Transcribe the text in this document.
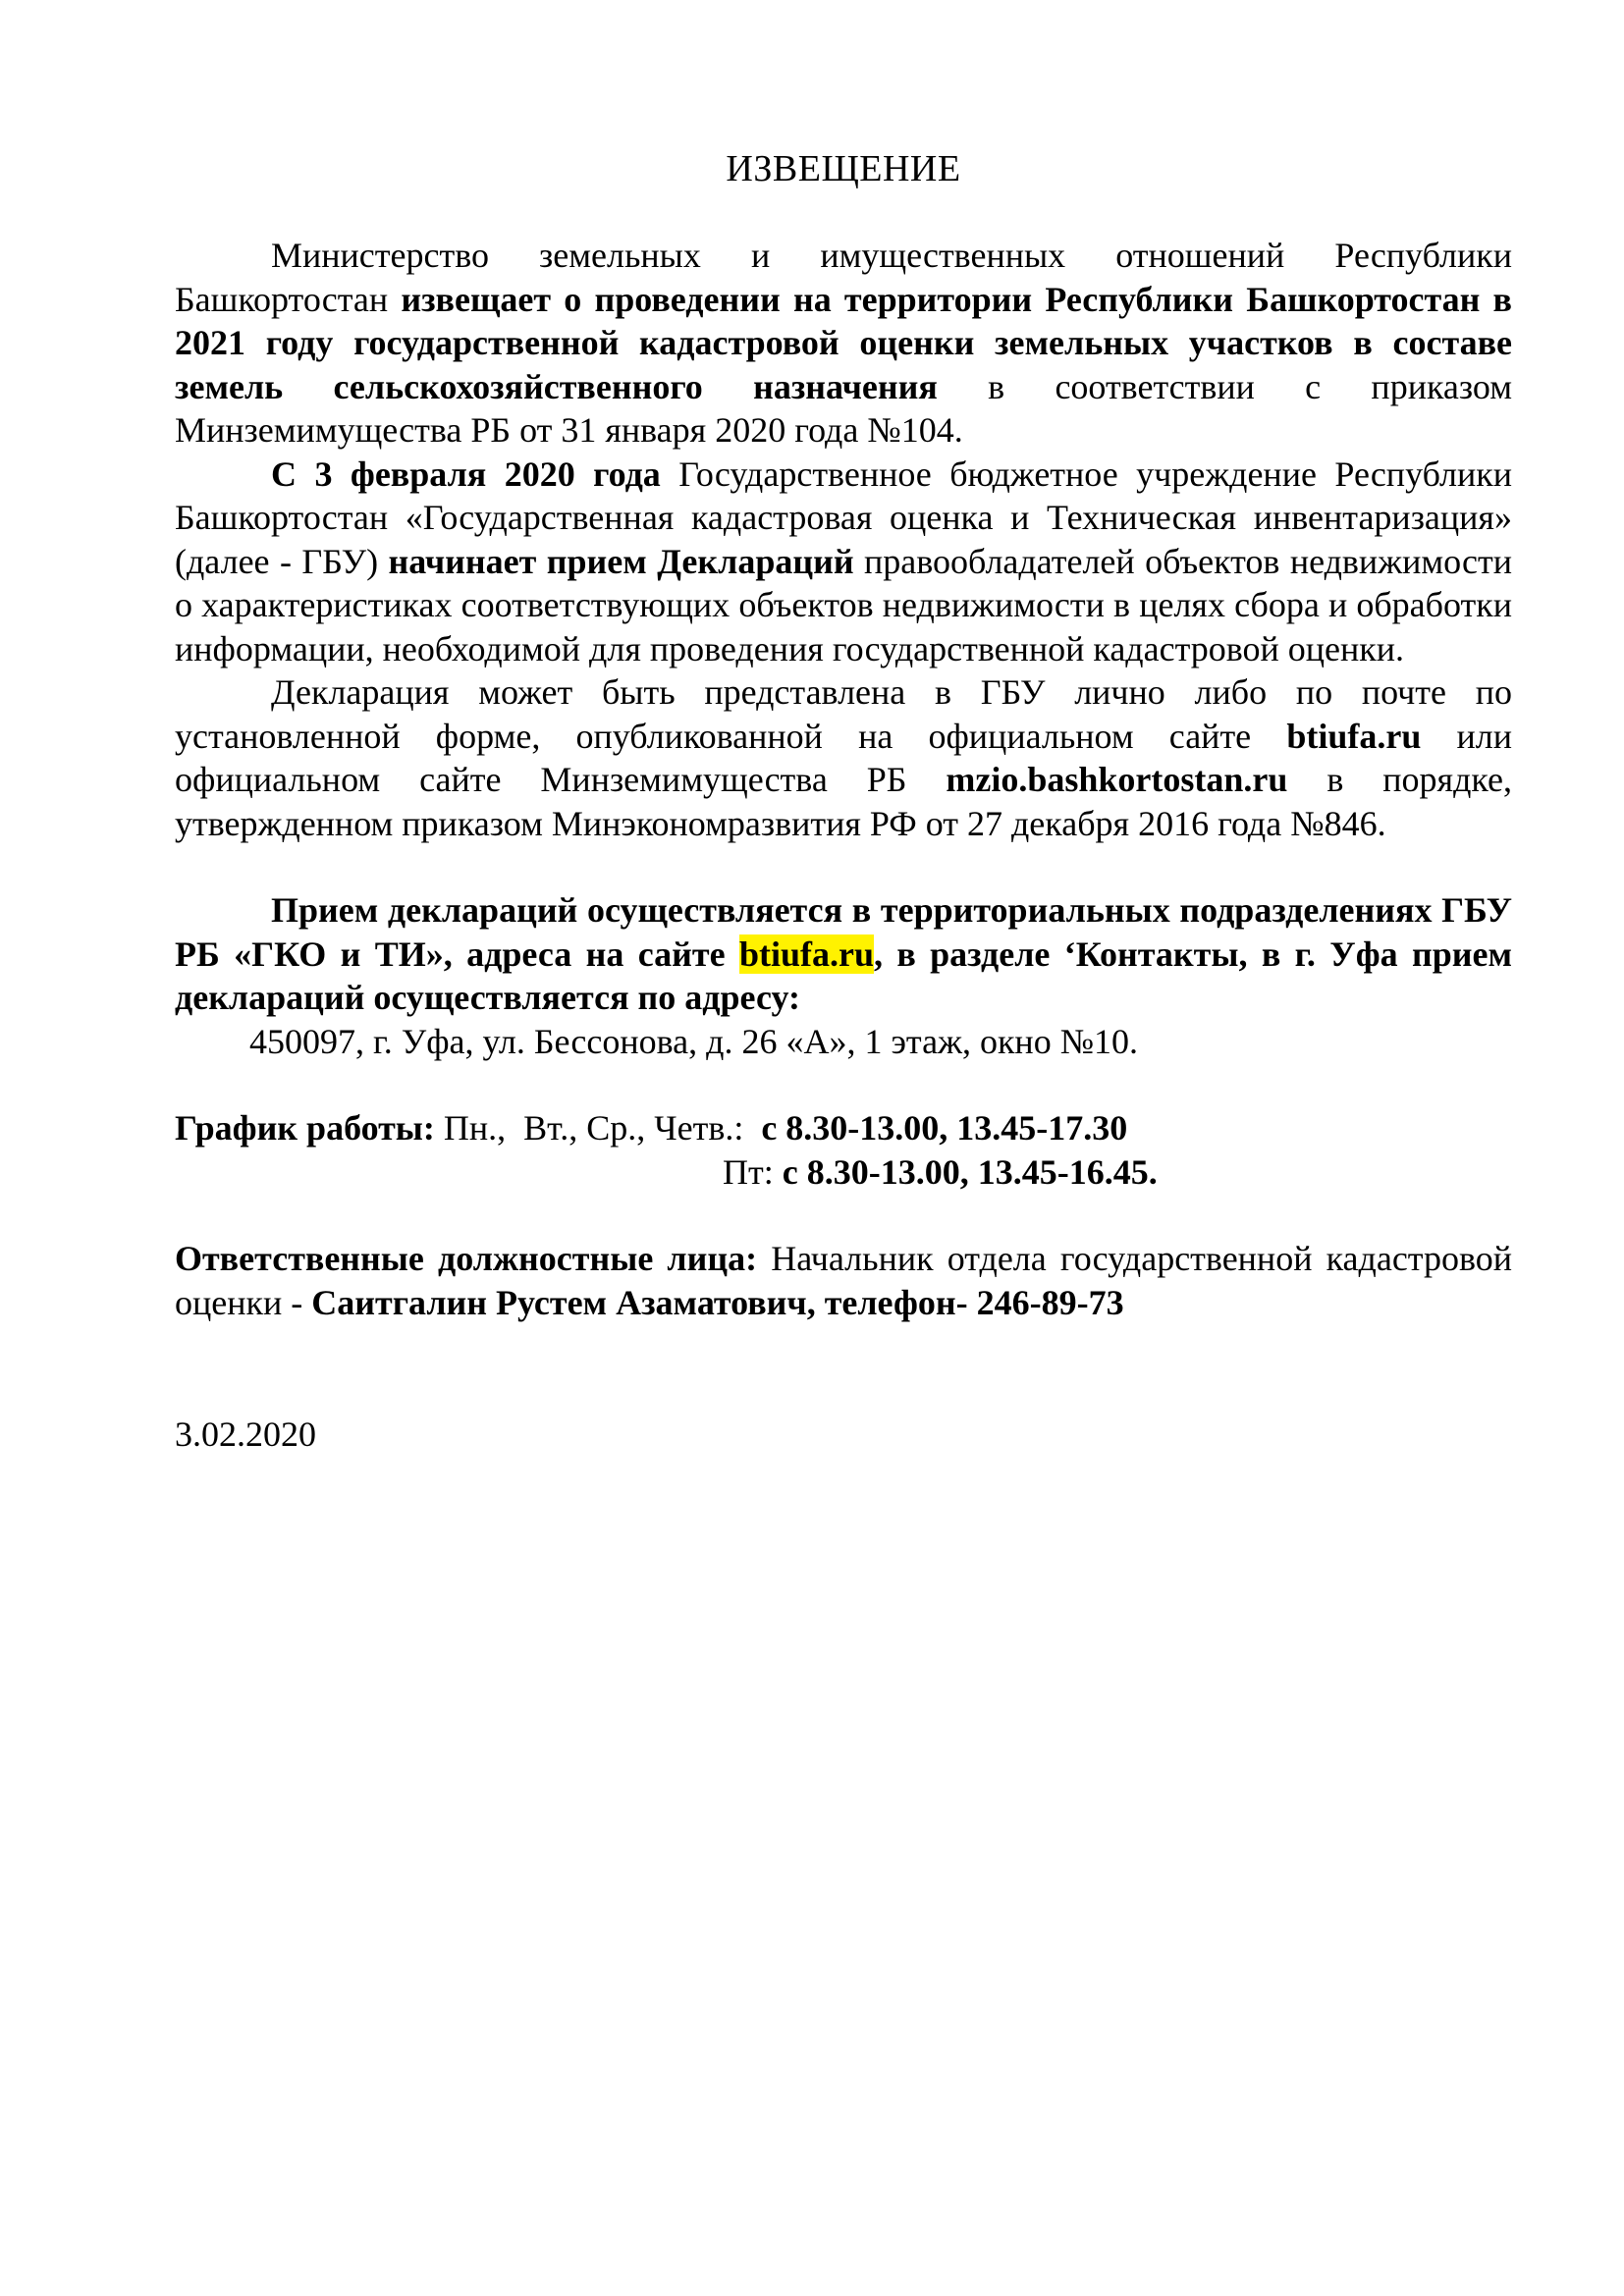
ИЗВЕЩЕНИЕ

Министерство земельных и имущественных отношений Республики Башкортостан извещает о проведении на территории Республики Башкортостан в 2021 году государственной кадастровой оценки земельных участков в составе земель сельскохозяйственного назначения в соответствии с приказом Минземимущества РБ от 31 января 2020 года №104.

С 3 февраля 2020 года Государственное бюджетное учреждение Республики Башкортостан «Государственная кадастровая оценка и Техническая инвентаризация» (далее - ГБУ) начинает прием Деклараций правообладателей объектов недвижимости о характеристиках соответствующих объектов недвижимости в целях сбора и обработки информации, необходимой для проведения государственной кадастровой оценки.

Декларация может быть представлена в ГБУ лично либо по почте по установленной форме, опубликованной на официальном сайте btiufa.ru или официальном сайте Минземимущества РБ mzio.bashkortostan.ru в порядке, утвержденном приказом Минэкономразвития РФ от 27 декабря 2016 года №846.

Прием деклараций осуществляется в территориальных подразделениях ГБУ РБ «ГКО и ТИ», адреса на сайте btiufa.ru, в разделе ‘Контакты, в г. Уфа прием деклараций осуществляется по адресу:

450097, г. Уфа, ул. Бессонова, д. 26 «А», 1 этаж, окно №10.

График работы: Пн.,  Вт., Ср., Четв.: с 8.30-13.00, 13.45-17.30
Пт: с 8.30-13.00, 13.45-16.45.

Ответственные должностные лица: Начальник отдела государственной кадастровой оценки - Саитгалин Рустем Азаматович, телефон- 246-89-73

3.02.2020
